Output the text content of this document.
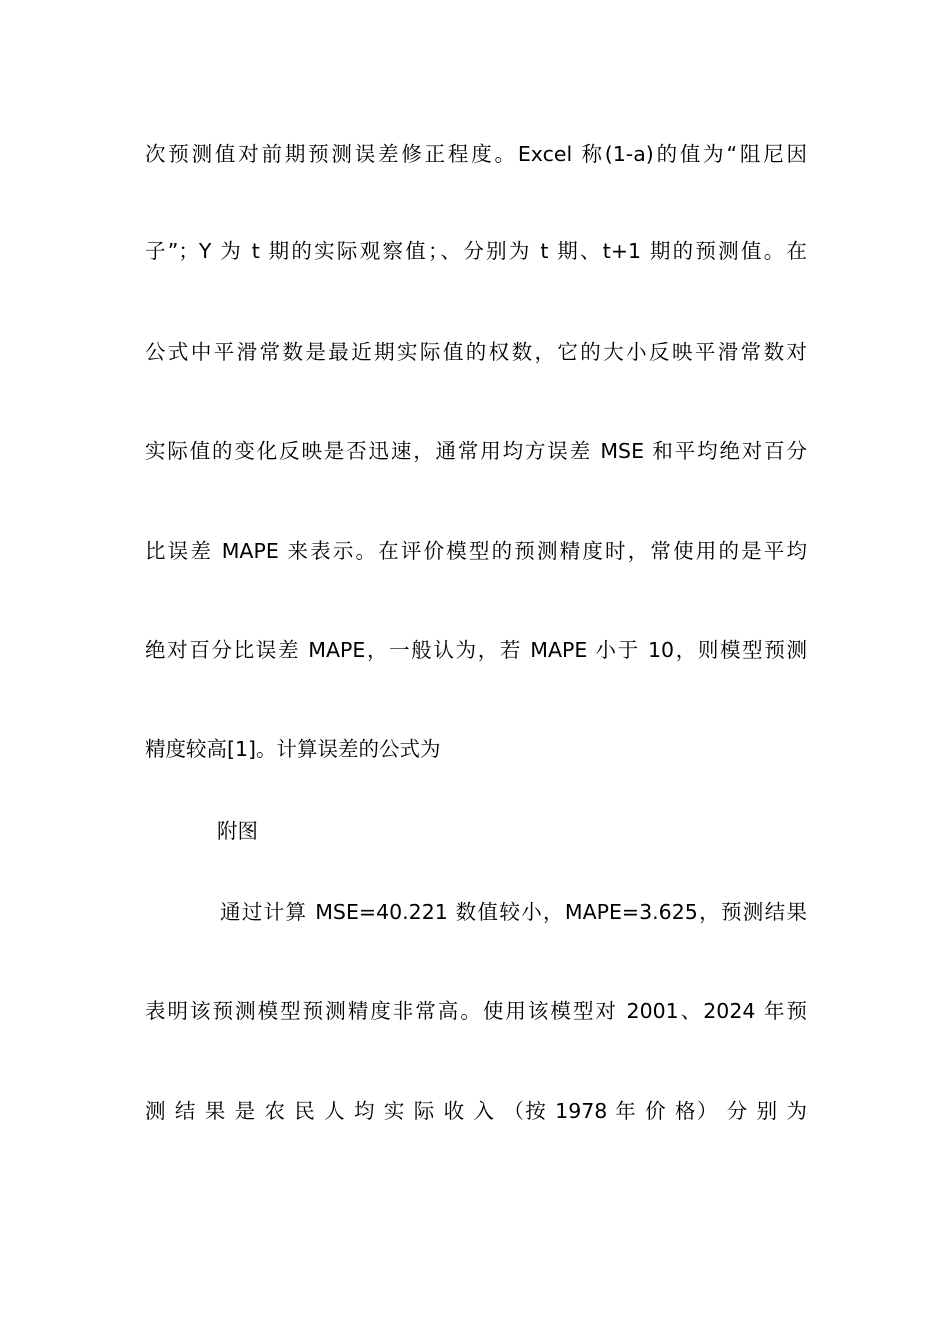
次预测值对前期预测误差修正程度。Excel 称(1-a)的值为“阻尼因
子”；Y 为 t 期的实际观察值；、分别为 t 期、t+1 期的预测值。在
公式中平滑常数是最近期实际值的权数，它的大小反映平滑常数对
实际值的变化反映是否迅速，通常用均方误差 MSE 和平均绝对百分
比误差 MAPE 来表示。在评价模型的预测精度时，常使用的是平均
绝对百分比误差 MAPE，一般认为，若 MAPE 小于 10，则模型预测
精度较高[1]。计算误差的公式为
附图
通过计算 MSE=40.221 数值较小，MAPE=3.625，预测结果
表明该预测模型预测精度非常高。使用该模型对 2001、2024 年预
测 结 果 是 农 民 人 均 实 际 收 入 （按 1978 年 价 格） 分 别 为
